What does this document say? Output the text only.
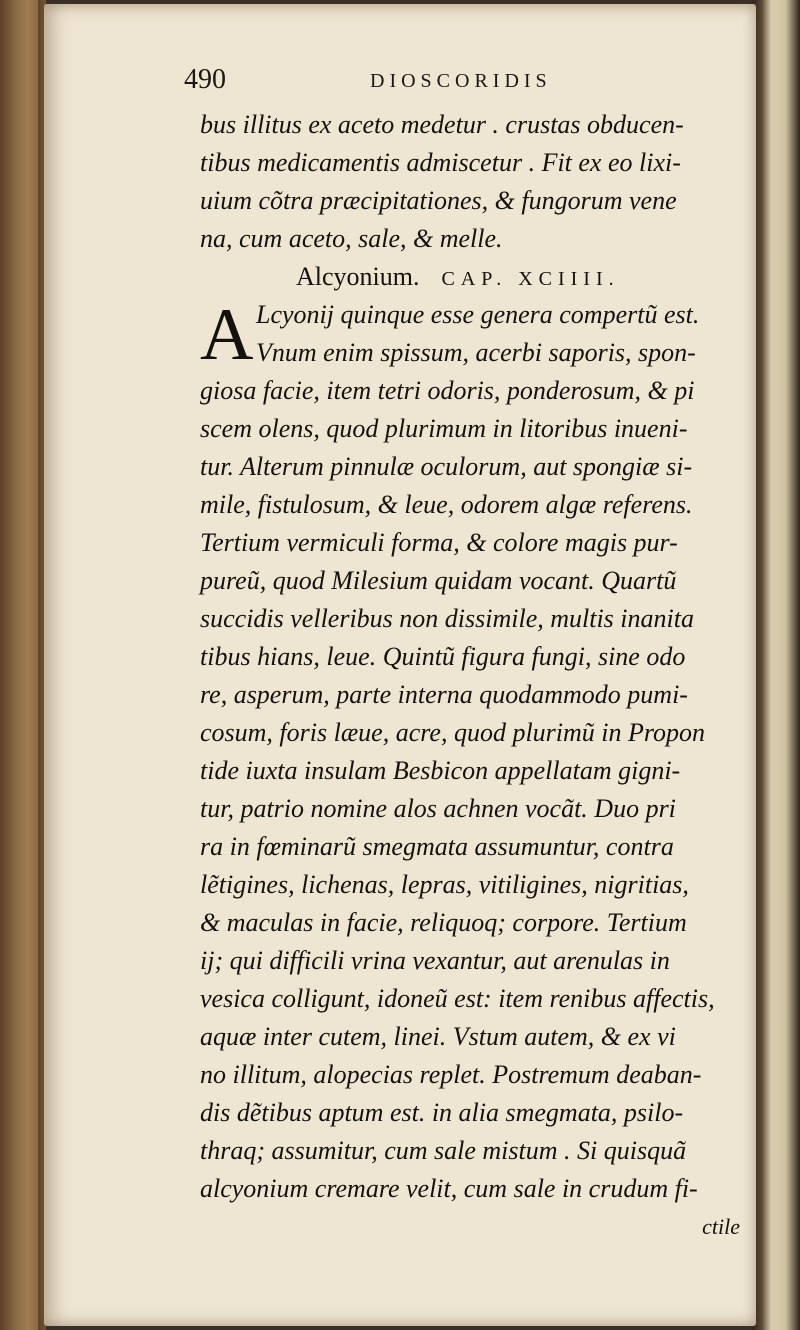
490	DIOSCORIDIS
bus illitus ex aceto medetur . crustas obducen-
tibus medicamentis admiscetur . Fit ex eo lixi-
uium cõtra præcipitationes, & fungorum vene
na, cum aceto, sale, & melle.
Alcyonium. CAP. XCIIII.
A Lcyonij quinque esse genera compertũ est.
Vnum enim spissum, acerbi saporis, spon-
giosa facie, item tetri odoris, ponderosum, & pi
scem olens, quod plurimum in litoribus inueni-
tur. Alterum pinnulæ oculorum, aut spongiæ si-
mile, fistulosum, & leue, odorem algæ referens.
Tertium vermiculi forma, & colore magis pur-
pureũ, quod Milesium quidam vocant. Quartũ
succidis velleribus non dissimile, multis inanita
tibus hians, leue. Quintũ figura fungi, sine odo
re, asperum, parte interna quodammodo pumi-
cosum, foris læue, acre, quod plurimũ in Propon
tide iuxta insulam Besbicon appellatam gigni-
tur, patrio nomine alos achnen vocãt. Duo pri
ra in fœminarũ smegmata assumuntur, contra
lẽtigines, lichenas, lepras, vitiligines, nigritias,
& maculas in facie, reliquoq; corpore. Tertium
ij; qui difficili vrina vexantur, aut arenulas in
vesica colligunt, idoneũ est: item renibus affectis,
aquæ inter cutem, linei. Vstum autem, & ex vi
no illitum, alopecias replet. Postremum deaban-
dis dẽtibus aptum est. in alia smegmata, psilo-
thraq; assumitur, cum sale mistum . Si quisquã
alcyonium cremare velit, cum sale in crudum fi-
ctile
